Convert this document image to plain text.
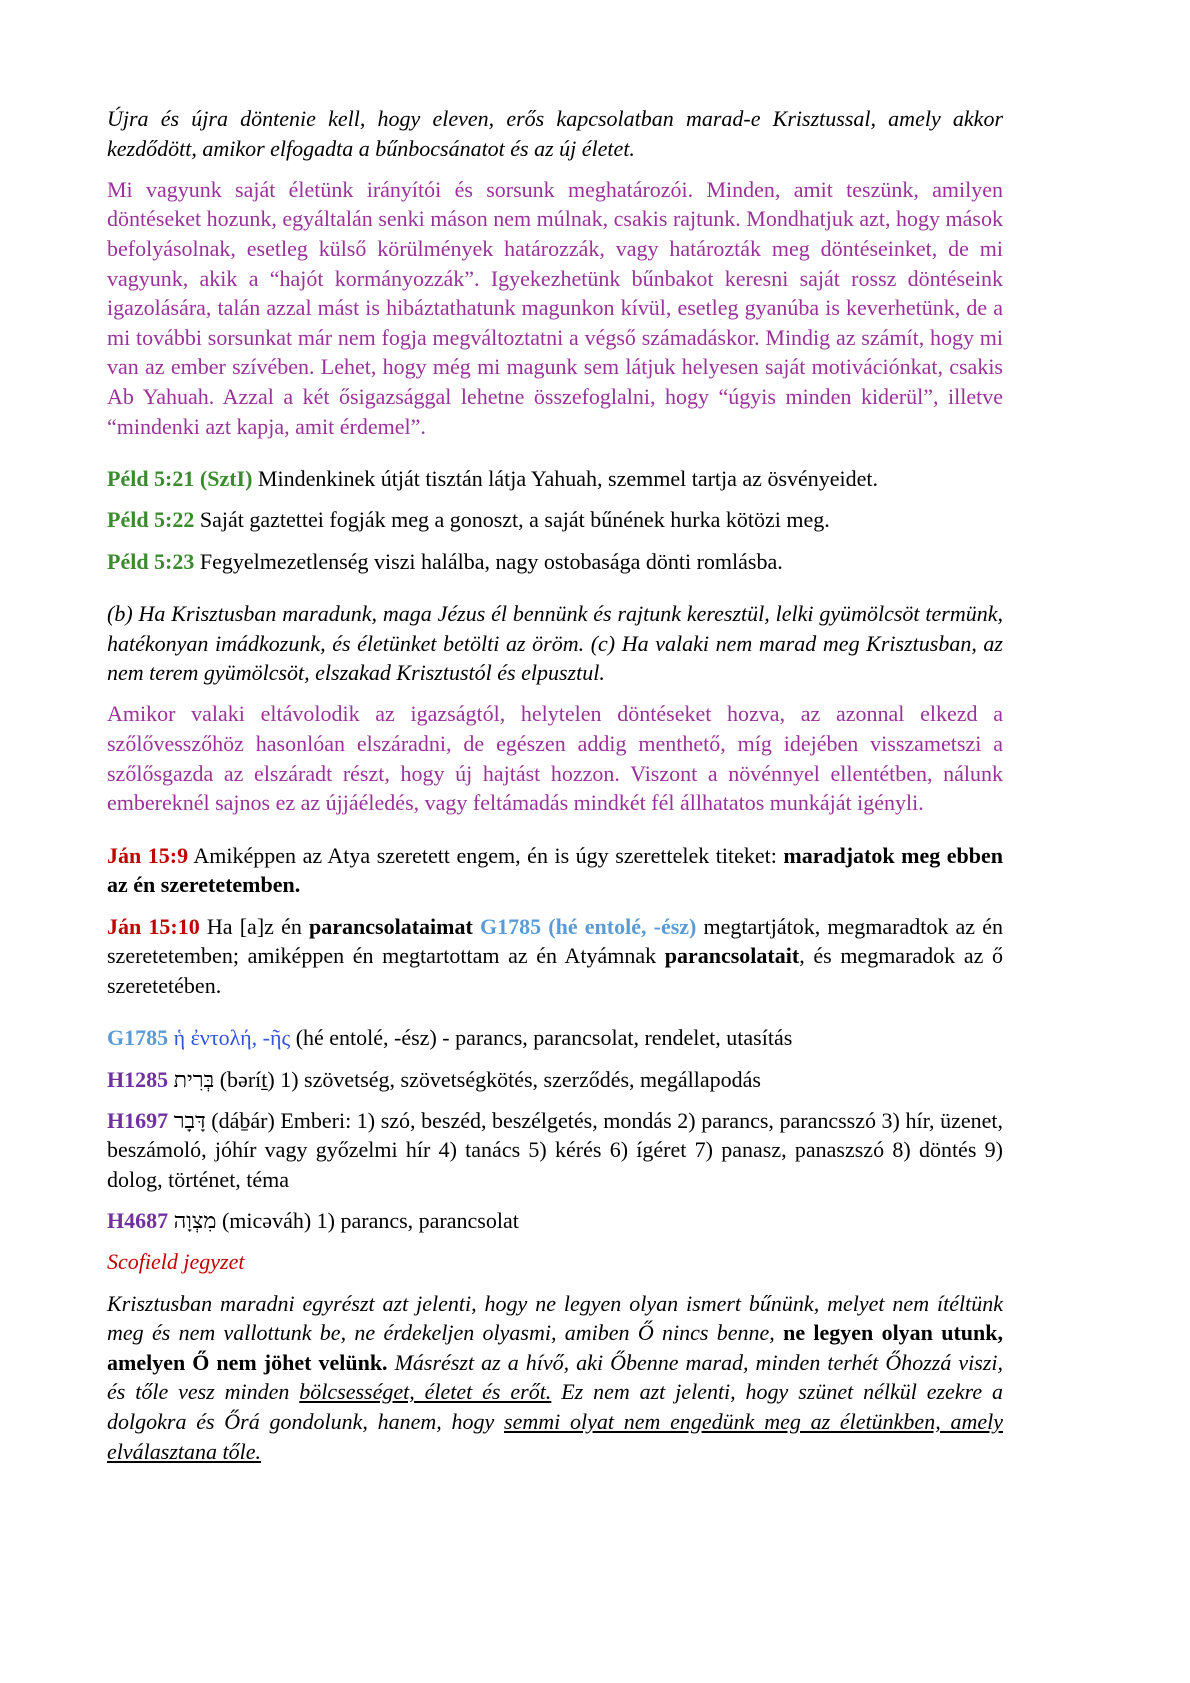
Újra és újra döntenie kell, hogy eleven, erős kapcsolatban marad-e Krisztussal, amely akkor kezdődött, amikor elfogadta a bűnbocsánatot és az új életet.

Mi vagyunk saját életünk irányítói és sorsunk meghatározói. Minden, amit teszünk, amilyen döntéseket hozunk, egyáltalán senki máson nem múlnak, csakis rajtunk. Mondhatjuk azt, hogy mások befolyásolnak, esetleg külső körülmények határozzák, vagy határozták meg döntéseinket, de mi vagyunk, akik a “hajót kormányozzák”. Igyekezhetünk bűnbakot keresni saját rossz döntéseink igazolására, talán azzal mást is hibáztathatunk magunkon kívül, esetleg gyanúba is keverhetünk, de a mi további sorsunkat már nem fogja megváltoztatni a végső számadáskor. Mindig az számít, hogy mi van az ember szívében. Lehet, hogy még mi magunk sem látjuk helyesen saját motivációnkat, csakis Ab Yahuah. Azzal a két ősigazsággal lehetne összefoglalni, hogy “úgyis minden kiderül”, illetve “mindenki azt kapja, amit érdemel”.

Péld 5:21 (SztI) Mindenkinek útját tisztán látja Yahuah, szemmel tartja az ösvényeidet.

Péld 5:22 Saját gaztettei fogják meg a gonoszt, a saját bűnének hurka kötözi meg.

Péld 5:23 Fegyelmezetlenség viszi halálba, nagy ostobasága dönti romlásba.

(b) Ha Krisztusban maradunk, maga Jézus él bennünk és rajtunk keresztül, lelki gyümölcsöt termünk, hatékonyan imádkozunk, és életünket betölti az öröm. (c) Ha valaki nem marad meg Krisztusban, az nem terem gyümölcsöt, elszakad Krisztustól és elpusztul.

Amikor valaki eltávolodik az igazságtól, helytelen döntéseket hozva, az azonnal elkezd a szőlővesszőhöz hasonlóan elszáradni, de egészen addig menthető, míg idejében visszametszi a szőlősgazda az elszáradt részt, hogy új hajtást hozzon. Viszont a növénnyel ellentétben, nálunk embereknél sajnos ez az újjáéledés, vagy feltámadás mindkét fél állhatatos munkáját igényli.

Ján 15:9 Amiképpen az Atya szeretett engem, én is úgy szerettelek titeket: maradjatok meg ebben az én szeretetemben.

Ján 15:10 Ha [a]z én parancsolataimat G1785 (hé entolé, -ész) megtartjátok, megmaradtok az én szeretetemben; amiképpen én megtartottam az én Atyámnak parancsolatait, és megmaradok az ő szeretetében.

G1785 ἡ ἐντολή, -ῆς (hé entolé, -ész) - parancs, parancsolat, rendelet, utasítás

H1285 בְּרִית (bərít̠) 1) szövetség, szövetségkötés, szerződés, megállapodás

H1697 דָּבָר (dáḇár) Emberi: 1) szó, beszéd, beszélgetés, mondás 2) parancs, parancsszó 3) hír, üzenet, beszámoló, jóhír vagy győzelmi hír 4) tanács 5) kérés 6) ígéret 7) panasz, panaszszó 8) döntés 9) dolog, történet, téma

H4687 מִצְוָה (micəváh) 1) parancs, parancsolat

Scofield jegyzet

Krisztusban maradni egyrészt azt jelenti, hogy ne legyen olyan ismert bűnünk, melyet nem ítéltünk meg és nem vallottunk be, ne érdekeljen olyasmi, amiben Ő nincs benne, ne legyen olyan utunk, amelyen Ő nem jöhet velünk. Másrészt az a hívő, aki Őbenne marad, minden terhét Őhozzá viszi, és tőle vesz minden bölcsességet, életet és erőt. Ez nem azt jelenti, hogy szünet nélkül ezekre a dolgokra és Őrá gondolunk, hanem, hogy semmi olyat nem engedünk meg az életünkben, amely elválasztana tőle.
